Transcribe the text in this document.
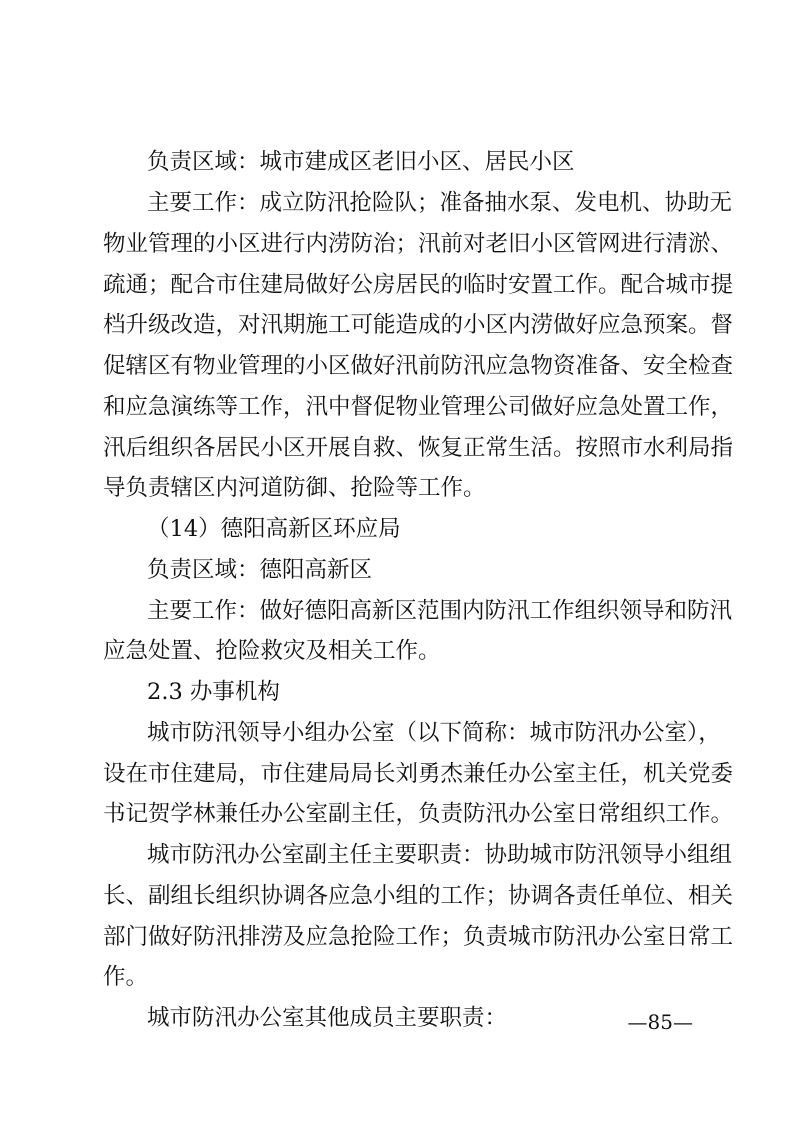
负责区域：城市建成区老旧小区、居民小区
主要工作：成立防汛抢险队；准备抽水泵、发电机、协助无
物业管理的小区进行内涝防治；汛前对老旧小区管网进行清淤、
疏通；配合市住建局做好公房居民的临时安置工作。配合城市提
档升级改造，对汛期施工可能造成的小区内涝做好应急预案。督
促辖区有物业管理的小区做好汛前防汛应急物资准备、安全检查
和应急演练等工作，汛中督促物业管理公司做好应急处置工作，
汛后组织各居民小区开展自救、恢复正常生活。按照市水利局指
导负责辖区内河道防御、抢险等工作。
（14）德阳高新区环应局
负责区域：德阳高新区
主要工作：做好德阳高新区范围内防汛工作组织领导和防汛
应急处置、抢险救灾及相关工作。
2.3 办事机构
城市防汛领导小组办公室（以下简称：城市防汛办公室），
设在市住建局，市住建局局长刘勇杰兼任办公室主任，机关党委
书记贺学林兼任办公室副主任，负责防汛办公室日常组织工作。
城市防汛办公室副主任主要职责：协助城市防汛领导小组组
长、副组长组织协调各应急小组的工作；协调各责任单位、相关
部门做好防汛排涝及应急抢险工作；负责城市防汛办公室日常工
作。
城市防汛办公室其他成员主要职责：	—85—
